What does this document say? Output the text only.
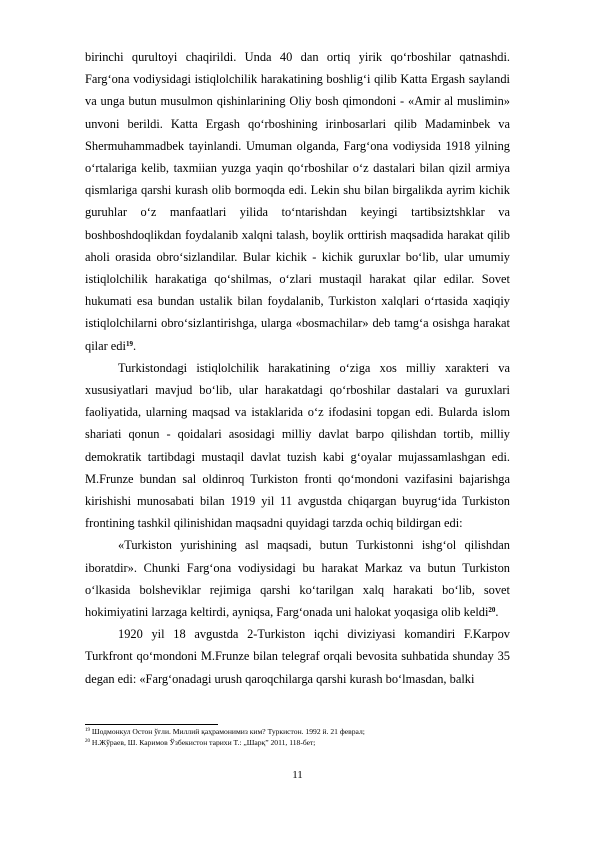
birinchi qurultoyi chaqirildi. Unda 40 dan ortiq yirik qo‘rboshilar qatnashdi. Farg‘ona vodiysidagi istiqlolchilik harakatining boshlig‘i qilib Katta Ergash saylandi va unga butun musulmon qishinlarining Oliy bosh qimondoni - «Amir al muslimin» unvoni berildi. Katta Ergash qo‘rboshining irinbosarlari qilib Madaminbek va Shermuhammadbek tayinlandi. Umuman olganda, Farg‘ona vodiysida 1918 yilning o‘rtalariga kelib, taxmiian yuzga yaqin qo‘rboshilar o‘z dastalari bilan qizil armiya qismlariga qarshi kurash olib bormoqda edi. Lekin shu bilan birgalikda ayrim kichik guruhlar o‘z manfaatlari yilida to‘ntarishdan keyingi tartibsiztshklar va boshboshdoqlikdan foydalanib xalqni talash, boylik orttirish maqsadida harakat qilib aholi orasida obro‘sizlandilar. Bular kichik - kichik guruxlar bo‘lib, ular umumiy istiqlolchilik harakatiga qo‘shilmas, o‘zlari mustaqil harakat qilar edilar. Sovet hukumati esa bundan ustalik bilan foydalanib, Turkiston xalqlari o‘rtasida xaqiqiy istiqlolchilarni obro‘sizlantirishga, ularga «bosmachilar» deb tamg‘a osishga harakat qilar edi$^{19}$.

Turkistondagi istiqlolchilik harakatining o‘ziga xos milliy xarakteri va xususiyatlari mavjud bo‘lib, ular harakatdagi qo‘rboshilar dastalari va guruxlari faoliyatida, ularning maqsad va istaklarida o‘z ifodasini topgan edi. Bularda islom shariati qonun - qoidalari asosidagi milliy davlat barpo qilishdan tortib, milliy demokratik tartibdagi mustaqil davlat tuzish kabi g‘oyalar mujassamlashgan edi. M.Frunze bundan sal oldinroq Turkiston fronti qo‘mondoni vazifasini bajarishga kirishishi munosabati bilan 1919 yil 11 avgustda chiqargan buyrug‘ida Turkiston frontining tashkil qilinishidan maqsadni quyidagi tarzda ochiq bildirgan edi:

«Turkiston yurishining asl maqsadi, butun Turkistonni ishg‘ol qilishdan iboratdir». Chunki Farg‘ona vodiysidagi bu harakat Markaz va butun Turkiston o‘lkasida bolsheviklar rejimiga qarshi ko‘tarilgan xalq harakati bo‘lib, sovet hokimiyatini larzaga keltirdi, ayniqsa, Farg‘onada uni halokat yoqasiga olib keldi$^{20}$.

1920 yil 18 avgustda 2-Turkiston iqchi diviziyasi komandiri F.Karpov Turkfront qo‘mondoni M.Frunze bilan telegraf orqali bevosita suhbatida shunday 35 degan edi: «Farg‘onadagi urush qaroqchilarga qarshi kurash bo‘lmasdan, balki

$^{19}$ Шодмонкул Остон ўғли. Миллий қаҳрамонимиз ким? Туркистон. 1992 й. 21 феврал;
$^{20}$ Н.Жўраев, Ш. Каримов Ўзбекистон тарихи Т.: „Шарқ” 2011, 118-бет;
11
